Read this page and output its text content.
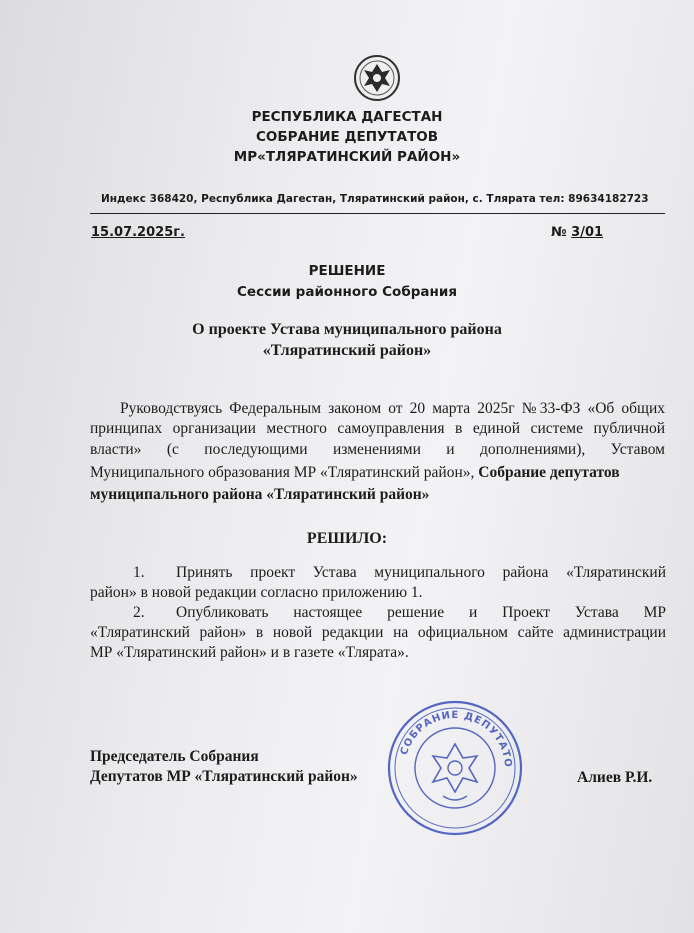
РЕСПУБЛИКА ДАГЕСТАН
СОБРАНИЕ ДЕПУТАТОВ
МР«ТЛЯРАТИНСКИЙ РАЙОН»
Индекс 368420, Республика Дагестан, Тляратинский район, с. Тлярата тел: 89634182723
15.07.2025г.	№ 3/01
РЕШЕНИЕ
Сессии районного Собрания
О проекте Устава муниципального района
«Тляратинский район»
Руководствуясь Федеральным законом от 20 марта 2025г №33-ФЗ «Об общих
принципах организации местного самоуправления в единой системе публичной
власти»  (с  последующими  изменениями  и  дополнениями),  Уставом
Муниципального образования МР «Тляратинский район», Собрание депутатов
муниципального района «Тляратинский район»
РЕШИЛО:
1. Принять  проект  Устава  муниципального  района  «Тляратинский
район» в новой редакции согласно приложению 1.
2. Опубликовать  настоящее  решение  и  Проект  Устава  МР
«Тляратинский район» в новой редакции на официальном сайте администрации
МР «Тляратинский район» и в газете «Тлярата».
СОБРАНИЕ ДЕПУТАТО
Председатель Собрания
Депутатов МР «Тляратинский район»	Алиев Р.И.
